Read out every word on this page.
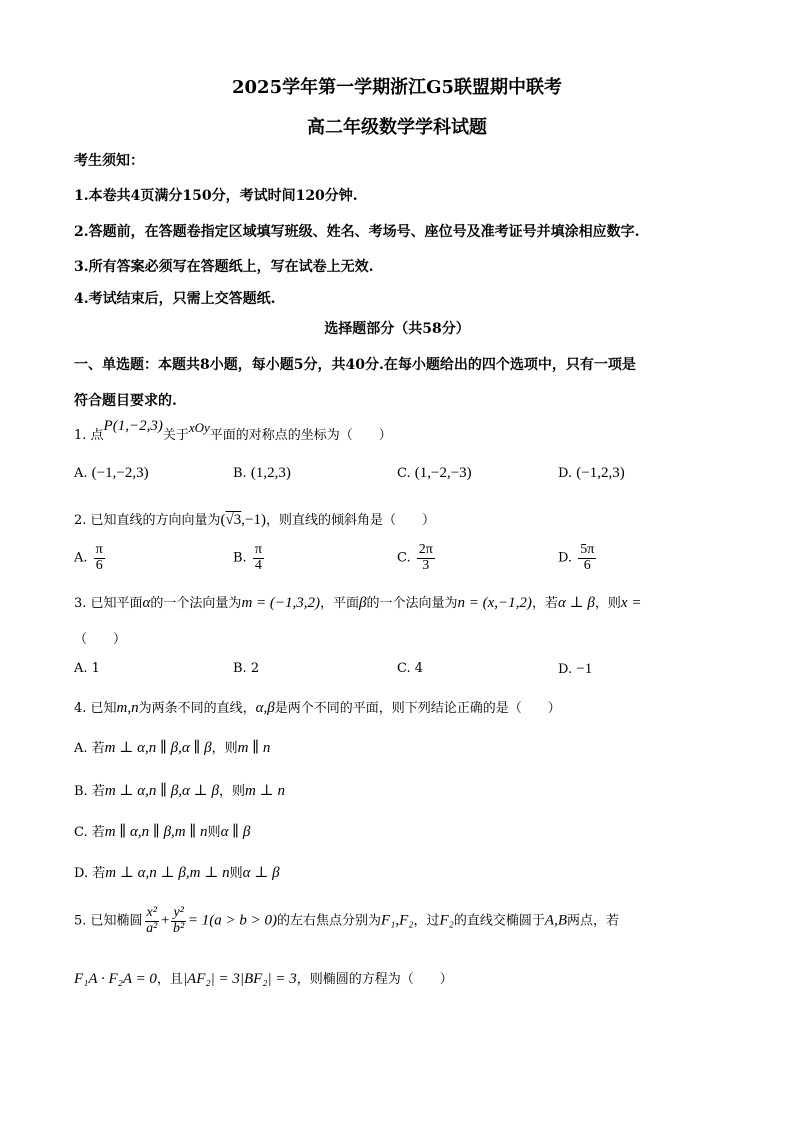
2025学年第一学期浙江G5联盟期中联考
高二年级数学学科试题
考生须知：
1.本卷共4页满分150分，考试时间120分钟.
2.答题前，在答题卷指定区域填写班级、姓名、考场号、座位号及准考证号并填涂相应数字.
3.所有答案必须写在答题纸上，写在试卷上无效.
4.考试结束后，只需上交答题纸.
选择题部分（共58分）
一、单选题：本题共8小题，每小题5分，共40分.在每小题给出的四个选项中，只有一项是
符合题目要求的.
1. 点P(1,−2,3)关于xOy平面的对称点的坐标为（　　）
A. (−1,−2,3)	B. (1,2,3)	C. (1,−2,−3)	D. (−1,2,3)
2. 已知直线的方向向量为(√3,−1)，则直线的倾斜角是（　　）
A. $\frac{\pi}{6}$	B. $\frac{\pi}{4}$	C. $\frac{2\pi}{3}$	D. $\frac{5\pi}{6}$
3. 已知平面α的一个法向量为m = (−1,3,2)，平面β的一个法向量为n = (x,−1,2)，若α ⊥ β，则x =
（　　）
A. 1	B. 2	C. 4	D. −1
4. 已知m,n为两条不同的直线，α,β是两个不同的平面，则下列结论正确的是（　　）
A. 若m ⊥ α,n ∥ β,α ∥ β，则m ∥ n
B. 若m ⊥ α,n ∥ β,α ⊥ β，则m ⊥ n
C. 若m ∥ α,n ∥ β,m ∥ n则α ∥ β
D. 若m ⊥ α,n ⊥ β,m ⊥ n则α ⊥ β
5. 已知椭圆 $\frac{\text{x²}}{\text{a²}} + \frac{\text{y²}}{\text{b²}} = 1(a > b > 0)$的左右焦点分别为F₁,F₂，过F₂的直线交椭圆于A,B两点，若
F₁A · F₂A = 0，且|AF₂| = 3|BF₂| = 3，则椭圆的方程为（　　）
